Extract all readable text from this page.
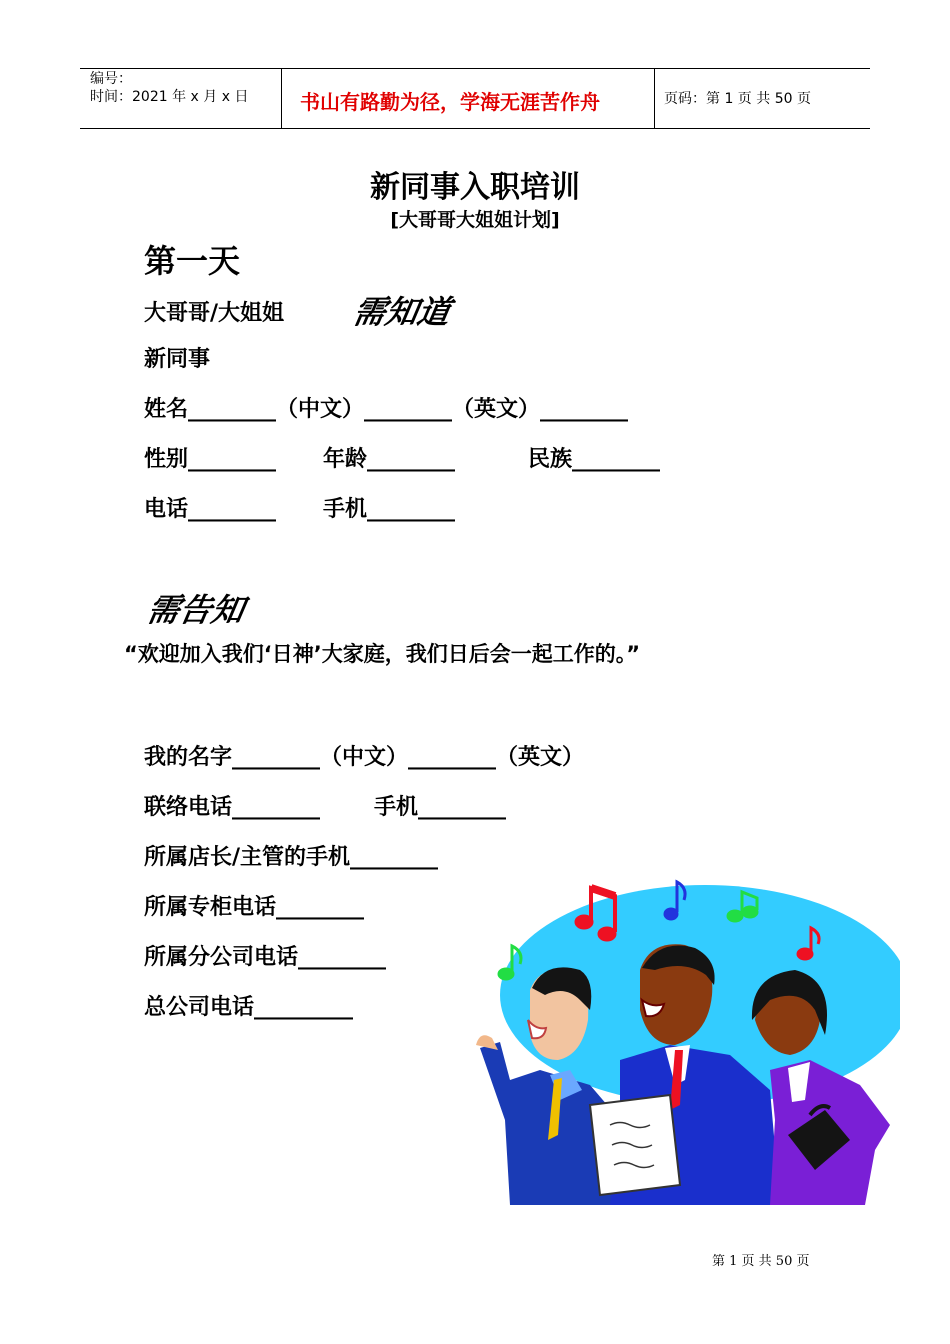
编号：
时间：2021 年 x 月 x 日	书山有路勤为径，学海无涯苦作舟	页码：第 1 页 共 50 页
新同事入职培训
[大哥哥大姐姐计划]
第一天
大哥哥/大姐姐 需知道
新同事
姓名________（中文）________（英文）________
性别________ 年龄________	民族________
电话________ 手机________
需告知
“欢迎加入我们‘日神’大家庭，我们日后会一起工作的。”
我的名字________（中文）________（英文）
联络电话________ 手机________
所属店长/主管的手机________
所属专柜电话________
所属分公司电话________
总公司电话_________
第 1 页 共 50 页
